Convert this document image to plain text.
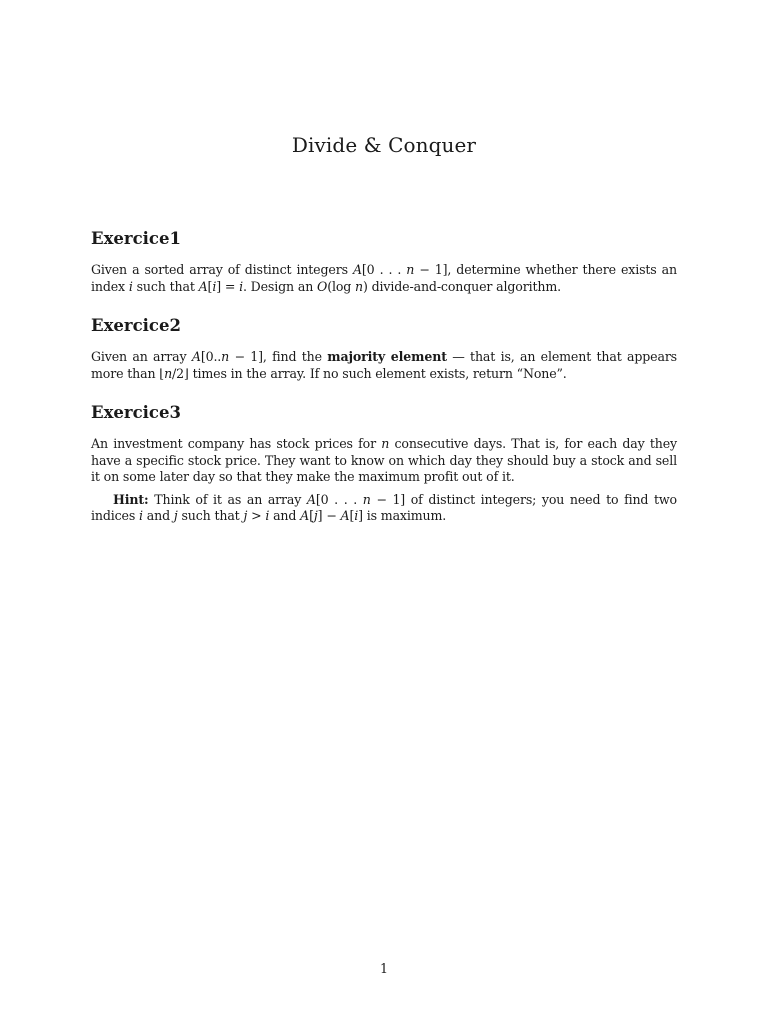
Divide & Conquer
Exercice1

Given a sorted array of distinct integers A[0 . . . n − 1], determine whether there exists an index i such that A[i] = i. Design an O(log n) divide-and-conquer algorithm.

Exercice2

Given an array A[0..n − 1], find the majority element — that is, an element that appears more than ⌊n/2⌋ times in the array. If no such element exists, return “None”.

Exercice3

An investment company has stock prices for n consecutive days. That is, for each day they have a specific stock price. They want to know on which day they should buy a stock and sell it on some later day so that they make the maximum profit out of it.

Hint: Think of it as an array A[0 . . . n − 1] of distinct integers; you need to find two indices i and j such that j > i and A[j] − A[i] is maximum.

1
